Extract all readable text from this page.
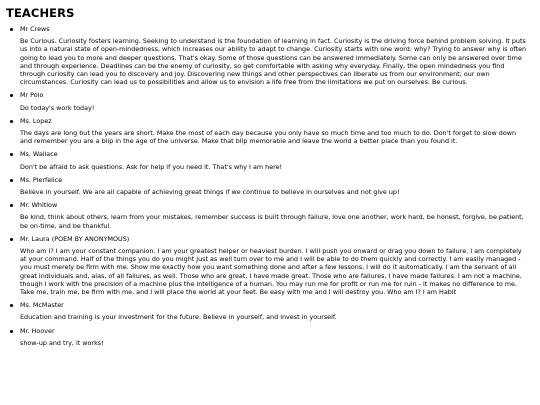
TEACHERS
Mr Crews
Be Curious. Curiosity fosters learning. Seeking to understand is the foundation of learning in fact. Curiosity is the driving force behind problem solving. It puts us into a natural state of open-mindedness, which increases our ability to adapt to change. Curiosity starts with one word: why? Trying to answer why is often going to lead you to more and deeper questions. That's okay. Some of those questions can be answered immediately. Some can only be answered over time and through experience. Deadlines can be the enemy of curiosity, so get comfortable with asking why everyday. Finally, the open mindedness you find through curiosity can lead you to discovery and joy. Discovering new things and other perspectives can liberate us from our environment; our own circumstances. Curiosity can lead us to possibilities and allow us to envision a life free from the limitations we put on ourselves. Be curious.
Mr Polo
Do today's work today!
Ms. Lopez
The days are long but the years are short. Make the most of each day because you only have so much time and too much to do. Don't forget to slow down and remember you are a blip in the age of the universe. Make that blip memorable and leave the world a better place than you found it.
Ms. Wallace
Don't be afraid to ask questions. Ask for help if you need it. That's why I am here!
Ms. Pierfelice
Believe in yourself. We are all capable of achieving great things if we continue to believe in ourselves and not give up!
Mr. Whitlow
Be kind, think about others, learn from your mistakes, remember success is built through failure, love one another, work hard, be honest, forgive, be patient, be on-time, and be thankful.
Mr. Laura (POEM BY ANONYMOUS)
Who am I? I am your constant companion. I am your greatest helper or heaviest burden. I will push you onward or drag you down to failure. I am completely at your command. Half of the things you do you might just as well turn over to me and I will be able to do them quickly and correctly. I am easily managed - you must merely be firm with me. Show me exactly how you want something done and after a few lessons, I will do it automatically. I am the servant of all great individuals and, alas, of all failures, as well. Those who are great, I have made great. Those who are failures, I have made failures. I am not a machine, though I work with the precision of a machine plus the intelligence of a human. You may run me for profit or run me for ruin - it makes no difference to me. Take me, train me, be firm with me, and I will place the world at your feet. Be easy with me and I will destroy you. Who am I? I am Habit
Ms. McMaster
Education and training is your investment for the future. Believe in yourself, and invest in yourself.
Mr. Hoover
show-up and try, it works!
